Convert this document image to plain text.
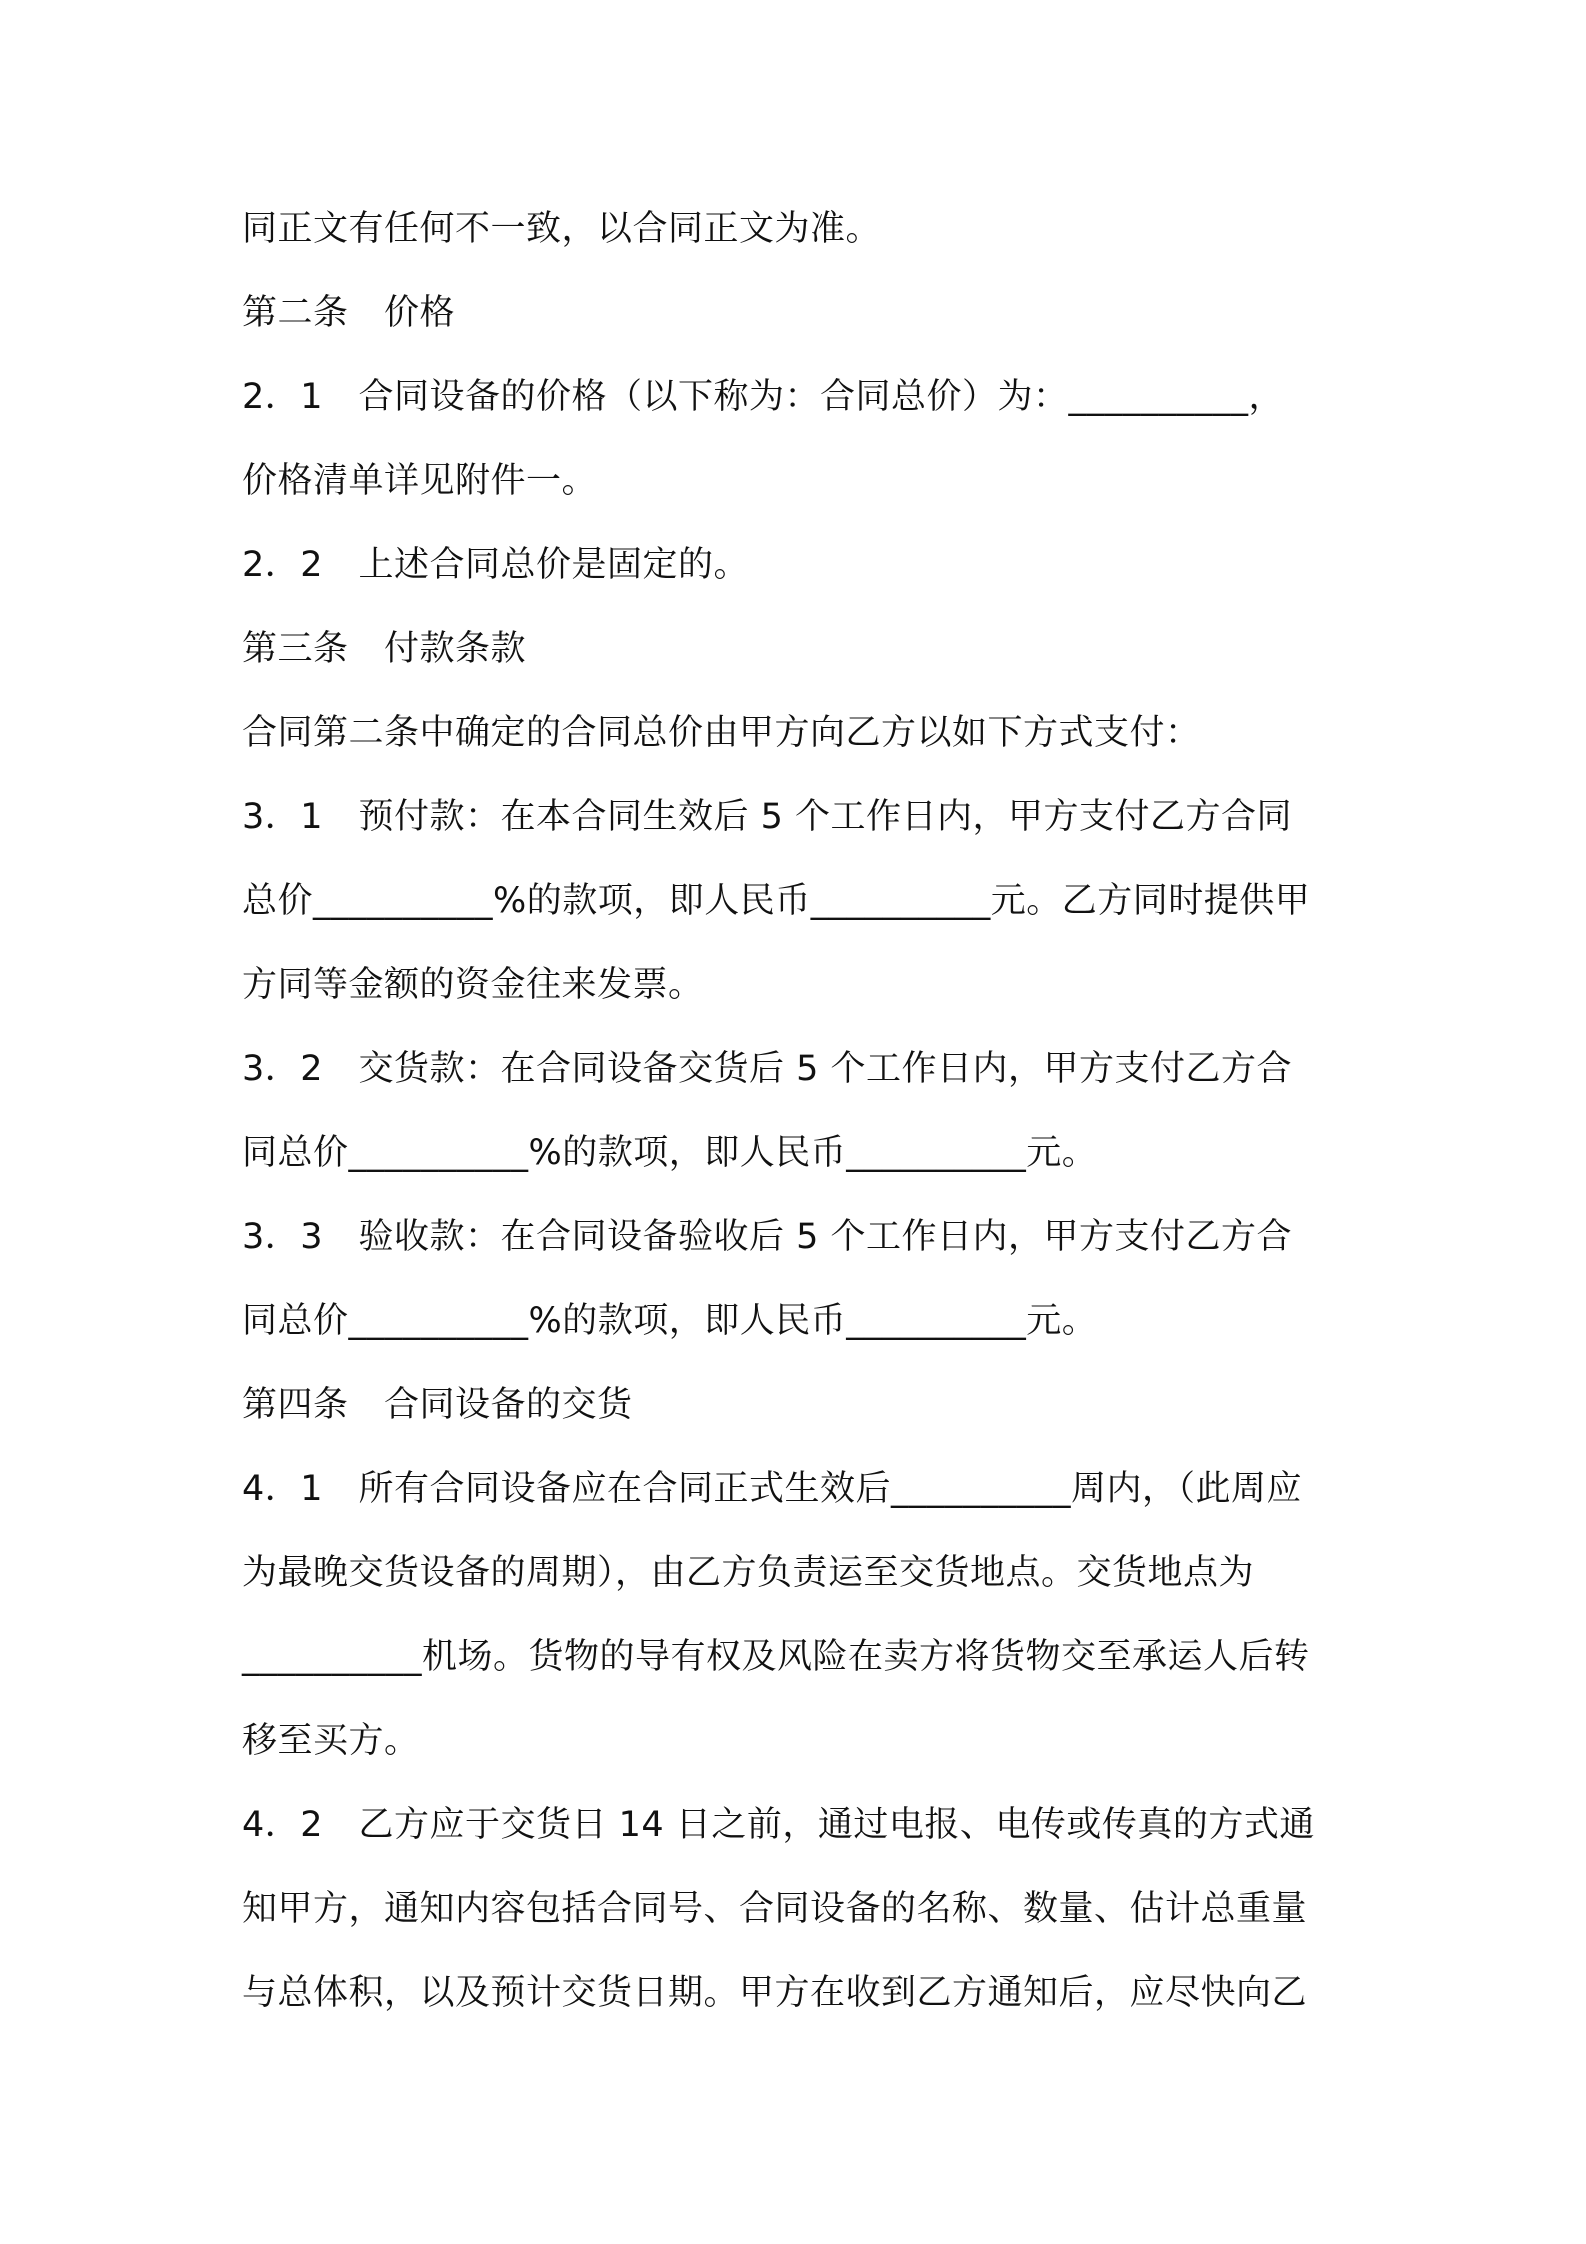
同正文有任何不一致，以合同正文为准。
第二条　价格
2．1　合同设备的价格（以下称为：合同总价）为：__________，
价格清单详见附件一。
2．2　上述合同总价是固定的。
第三条　付款条款
合同第二条中确定的合同总价由甲方向乙方以如下方式支付：
3．1　预付款：在本合同生效后 5 个工作日内，甲方支付乙方合同
总价__________%的款项，即人民币__________元。乙方同时提供甲
方同等金额的资金往来发票。
3．2　交货款：在合同设备交货后 5 个工作日内，甲方支付乙方合
同总价__________%的款项，即人民币__________元。
3．3　验收款：在合同设备验收后 5 个工作日内，甲方支付乙方合
同总价__________%的款项，即人民币__________元。
第四条　合同设备的交货
4．1　所有合同设备应在合同正式生效后__________周内，（此周应
为最晚交货设备的周期），由乙方负责运至交货地点。交货地点为
__________机场。货物的导有权及风险在卖方将货物交至承运人后转
移至买方。
4．2　乙方应于交货日 14 日之前，通过电报、电传或传真的方式通
知甲方，通知内容包括合同号、合同设备的名称、数量、估计总重量
与总体积，以及预计交货日期。甲方在收到乙方通知后，应尽快向乙
